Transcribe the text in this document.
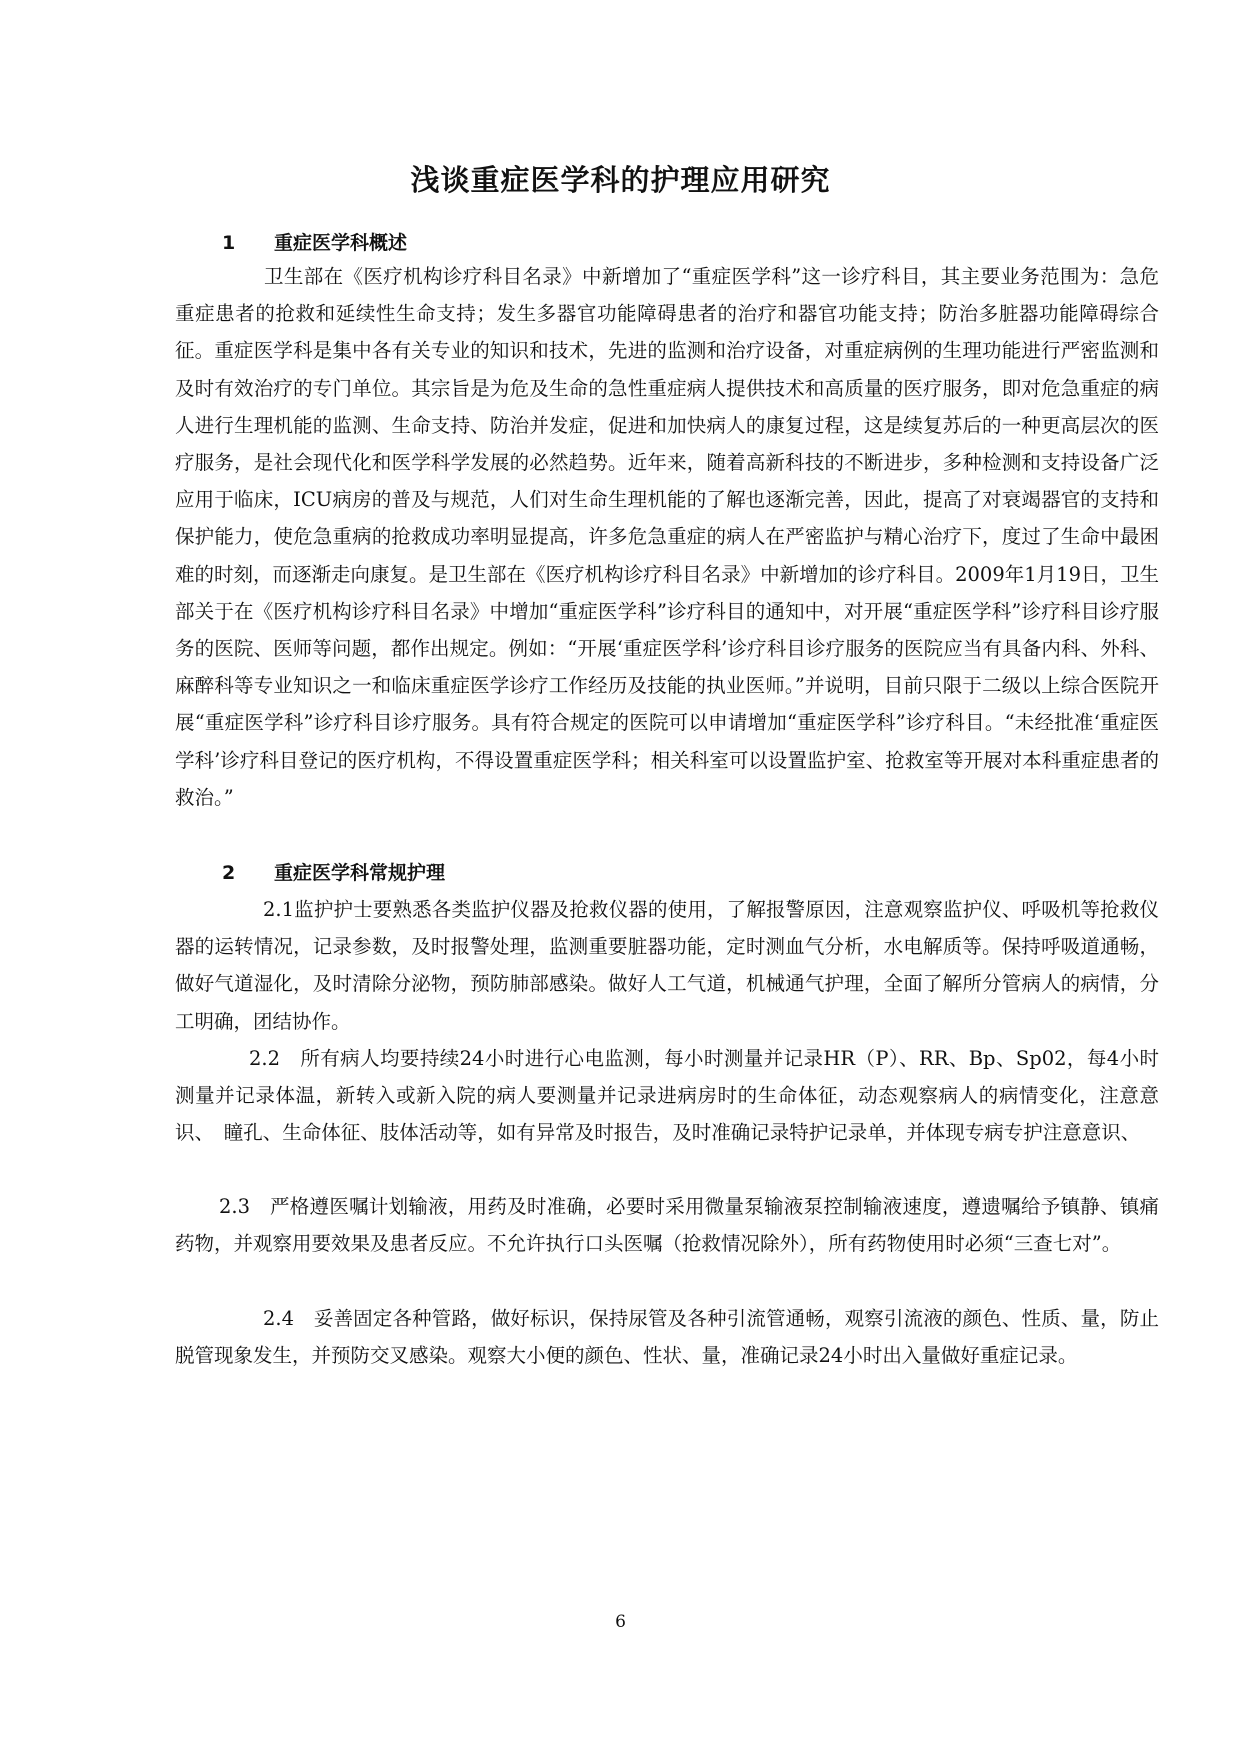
浅谈重症医学科的护理应用研究
1 重症医学科概述

卫生部在《医疗机构诊疗科目名录》中新增加了“重症医学科”这一诊疗科目，其主要业务范围为：急危重症患者的抢救和延续性生命支持；发生多器官功能障碍患者的治疗和器官功能支持；防治多脏器功能障碍综合征。重症医学科是集中各有关专业的知识和技术，先进的监测和治疗设备，对重症病例的生理功能进行严密监测和及时有效治疗的专门单位。其宗旨是为危及生命的急性重症病人提供技术和高质量的医疗服务，即对危急重症的病人进行生理机能的监测、生命支持、防治并发症，促进和加快病人的康复过程，这是续复苏后的一种更高层次的医疗服务，是社会现代化和医学科学发展的必然趋势。近年来，随着高新科技的不断进步，多种检测和支持设备广泛应用于临床，ICU病房的普及与规范，人们对生命生理机能的了解也逐渐完善，因此，提高了对衰竭器官的支持和保护能力，使危急重病的抢救成功率明显提高，许多危急重症的病人在严密监护与精心治疗下，度过了生命中最困难的时刻，而逐渐走向康复。是卫生部在《医疗机构诊疗科目名录》中新增加的诊疗科目。2009年1月19日，卫生部关于在《医疗机构诊疗科目名录》中增加“重症医学科”诊疗科目的通知中，对开展“重症医学科”诊疗科目诊疗服务的医院、医师等问题，都作出规定。例如：“开展‘重症医学科’诊疗科目诊疗服务的医院应当有具备内科、外科、麻醉科等专业知识之一和临床重症医学诊疗工作经历及技能的执业医师。”并说明，目前只限于二级以上综合医院开展“重症医学科”诊疗科目诊疗服务。具有符合规定的医院可以申请增加“重症医学科”诊疗科目。“未经批准‘重症医学科’诊疗科目登记的医疗机构，不得设置重症医学科；相关科室可以设置监护室、抢救室等开展对本科重症患者的救治。”

2 重症医学科常规护理

2.1监护护士要熟悉各类监护仪器及抢救仪器的使用，了解报警原因，注意观察监护仪、呼吸机等抢救仪器的运转情况，记录参数，及时报警处理，监测重要脏器功能，定时测血气分析，水电解质等。保持呼吸道通畅，做好气道湿化，及时清除分泌物，预防肺部感染。做好人工气道，机械通气护理，全面了解所分管病人的病情，分工明确，团结协作。

2.2　所有病人均要持续24小时进行心电监测，每小时测量并记录HR（P）、RR、Bp、Sp02，每4小时测量并记录体温，新转入或新入院的病人要测量并记录进病房时的生命体征，动态观察病人的病情变化，注意意识、　瞳孔、生命体征、肢体活动等，如有异常及时报告，及时准确记录特护记录单，并体现专病专护注意意识、

2.3　严格遵医嘱计划输液，用药及时准确，必要时采用微量泵输液泵控制输液速度，遵遗嘱给予镇静、镇痛药物，并观察用要效果及患者反应。不允许执行口头医嘱（抢救情况除外），所有药物使用时必须“三查七对”。

2.4　妥善固定各种管路，做好标识，保持尿管及各种引流管通畅，观察引流液的颜色、性质、量，防止脱管现象发生，并预防交叉感染。观察大小便的颜色、性状、量，准确记录24小时出入量做好重症记录。

6
